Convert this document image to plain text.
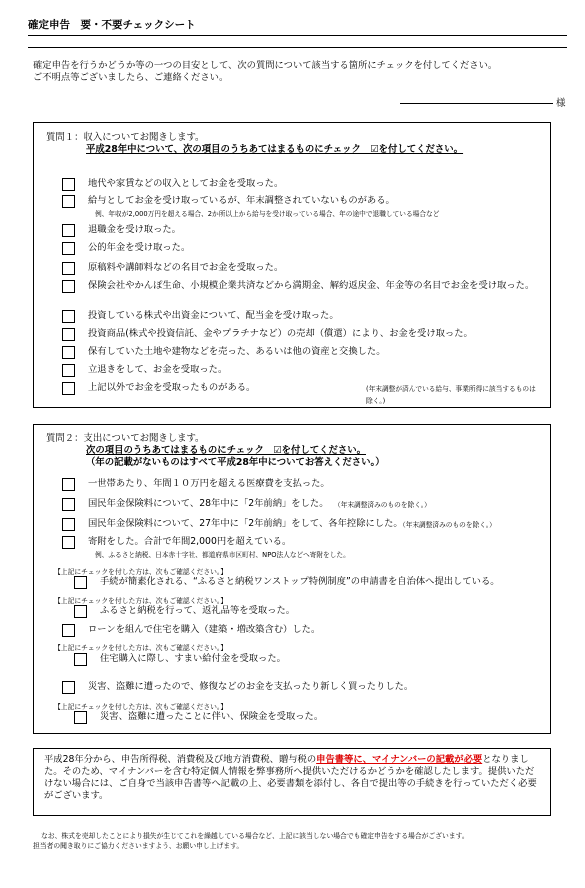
確定申告　要・不要チェックシート
確定申告を行うかどうか等の一つの目安として、次の質問について該当する箇所にチェックを付してください。
ご不明点等ございましたら、ご連絡ください。
様
質問１：収入についてお聞きします。
平成28年中について、次の項目のうちあてはまるものにチェック　☑を付してください。
地代や家賃などの収入としてお金を受取った。
給与としてお金を受け取っているが、年末調整されていないものがある。
例、年収が2,000万円を超える場合、2か所以上から給与を受け取っている場合、年の途中で退職している場合など
退職金を受け取った。
公的年金を受け取った。
原稿料や講師料などの名目でお金を受取った。
保険会社やかんぽ生命、小規模企業共済などから満期金、解約返戻金、年金等の名目でお金を受け取った。
投資している株式や出資金について、配当金を受け取った。
投資商品(株式や投資信託、金やプラチナなど）の売却（償還）により、お金を受け取った。
保有していた土地や建物などを売った、あるいは他の資産と交換した。
立退きをして、お金を受取った。
上記以外でお金を受取ったものがある。	(年末調整が済んでいる給与、事業所得に該当するものは除く。)
質問２：支出についてお聞きします。
次の項目のうちあてはまるものにチェック　☑を付してください。
（年の記載がないものはすべて平成28年中についてお答えください。）
一世帯あたり、年間１０万円を超える医療費を支払った。
国民年金保険料について、28年中に「2年前納」をした。 （年末調整済みのものを除く。）
国民年金保険料について、27年中に「2年前納」をして、各年控除にした。
（年末調整済みのものを除く。）
寄附をした。合計で年間2,000円を超えている。
例、ふるさと納税、日本赤十字社、都道府県市区町村、NPO法人などへ寄附をした。
【上記にチェックを付した方は、次もご確認ください。】
手続が簡素化される、“ふるさと納税ワンストップ特例制度”の申請書を自治体へ提出している。
【上記にチェックを付した方は、次もご確認ください。】
ふるさと納税を行って、返礼品等を受取った。
ローンを組んで住宅を購入（建築・増改築含む）した。
【上記にチェックを付した方は、次もご確認ください。】
住宅購入に際し、すまい給付金を受取った。
災害、盗難に遭ったので、修復などのお金を支払ったり新しく買ったりした。
【上記にチェックを付した方は、次もご確認ください。】
災害、盗難に遭ったことに伴い、保険金を受取った。
平成28年分から、申告所得税、消費税及び地方消費税、贈与税の申告書等に、マイナンバーの記載が必要となりました。そのため、マイナンバーを含む特定個人情報を弊事務所へ提供いただけるかどうかを確認したします。提供いただけない場合には、ご自身で当該申告書等へ記載の上、必要書類を添付し、各自で提出等の手続きを行っていただく必要がございます。
なお、株式を売却したことにより損失が生じてこれを繰越している場合など、上記に該当しない場合でも確定申告をする場合がございます。
担当者の聞き取りにご協力くださいますよう、お願い申し上げます。
